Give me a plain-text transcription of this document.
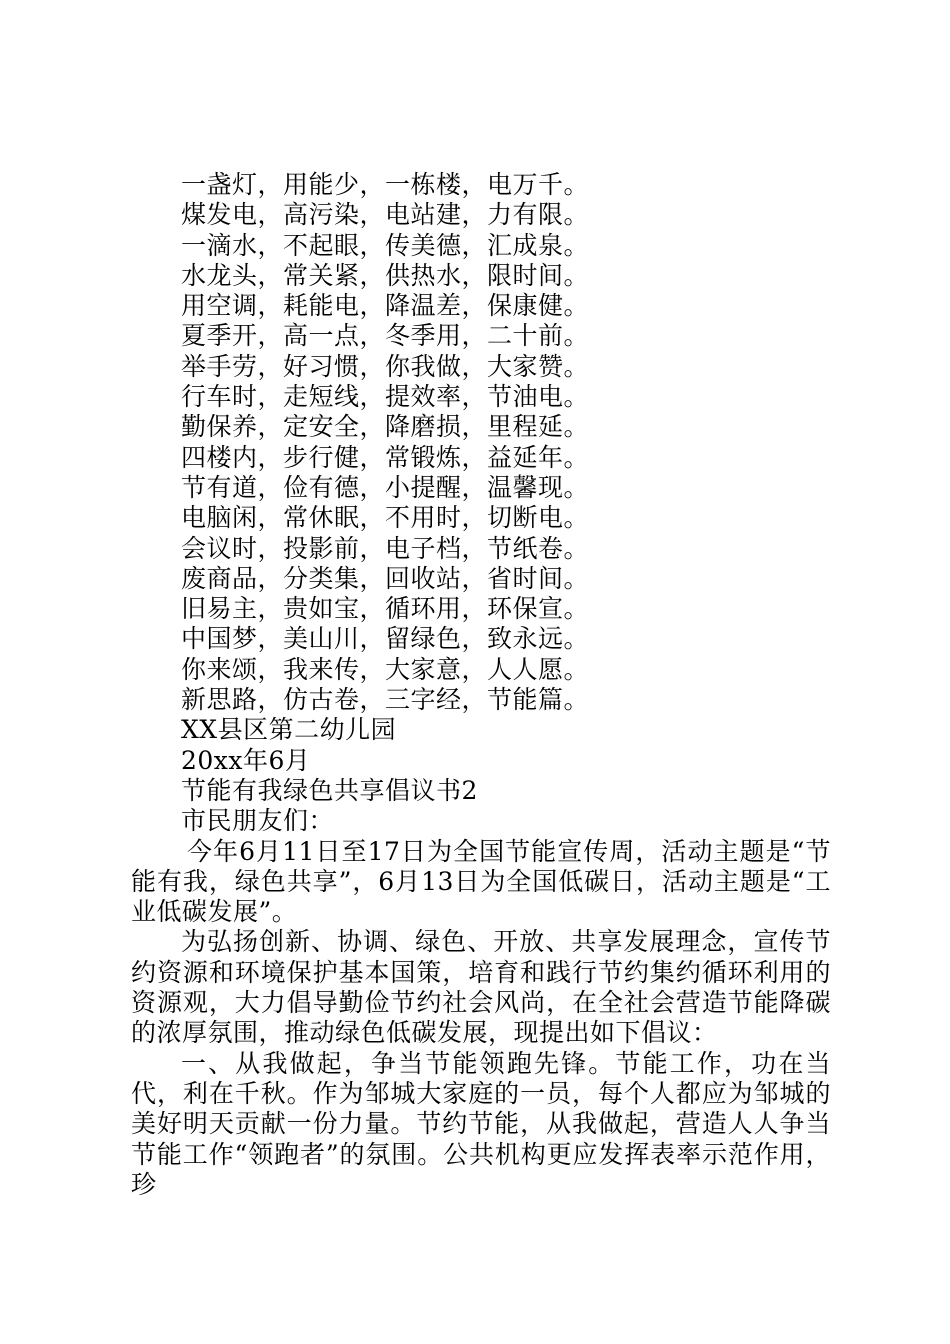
一盏灯，用能少，一栋楼，电万千。
煤发电，高污染，电站建，力有限。
一滴水，不起眼，传美德，汇成泉。
水龙头，常关紧，供热水，限时间。
用空调，耗能电，降温差，保康健。
夏季开，高一点，冬季用，二十前。
举手劳，好习惯，你我做，大家赞。
行车时，走短线，提效率，节油电。
勤保养，定安全，降磨损，里程延。
四楼内，步行健，常锻炼，益延年。
节有道，俭有德，小提醒，温馨现。
电脑闲，常休眠，不用时，切断电。
会议时，投影前，电子档，节纸卷。
废商品，分类集，回收站，省时间。
旧易主，贵如宝，循环用，环保宣。
中国梦，美山川，留绿色，致永远。
你来颂，我来传，大家意，人人愿。
新思路，仿古卷，三字经，节能篇。
XX县区第二幼儿园
20xx年6月
节能有我绿色共享倡议书2
市民朋友们：

今年6月11日至17日为全国节能宣传周，活动主题是“节能有我，绿色共享”，6月13日为全国低碳日，活动主题是“工业低碳发展”。

为弘扬创新、协调、绿色、开放、共享发展理念，宣传节约资源和环境保护基本国策，培育和践行节约集约循环利用的资源观，大力倡导勤俭节约社会风尚，在全社会营造节能降碳的浓厚氛围，推动绿色低碳发展，现提出如下倡议：

一、从我做起，争当节能领跑先锋。节能工作，功在当代，利在千秋。作为邹城大家庭的一员，每个人都应为邹城的美好明天贡献一份力量。节约节能，从我做起，营造人人争当节能工作“领跑者”的氛围。公共机构更应发挥表率示范作用，珍
